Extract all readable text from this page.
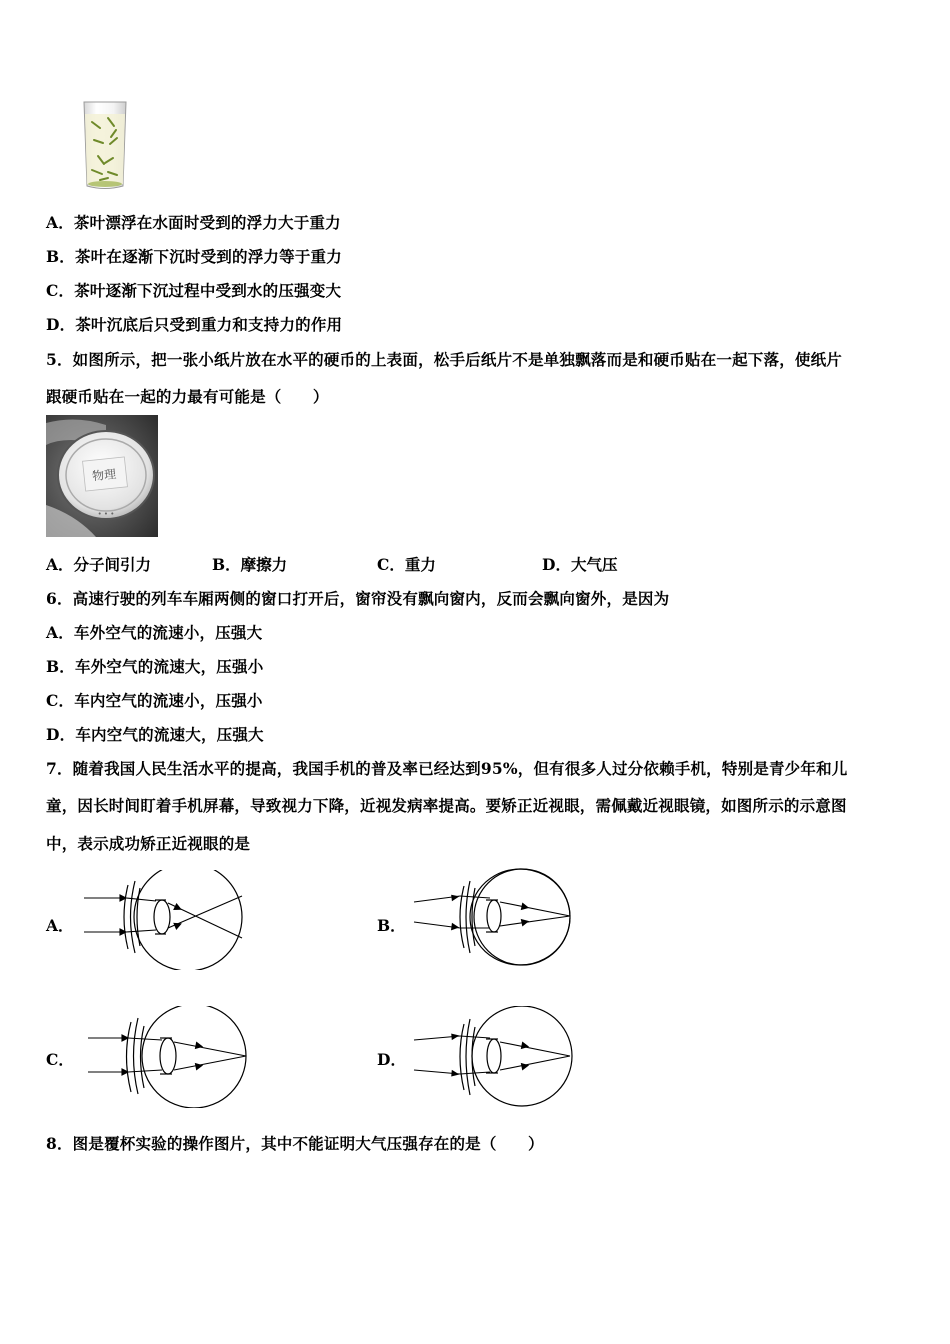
A．茶叶漂浮在水面时受到的浮力大于重力
B．茶叶在逐渐下沉时受到的浮力等于重力
C．茶叶逐渐下沉过程中受到水的压强变大
D．茶叶沉底后只受到重力和支持力的作用
5．如图所示，把一张小纸片放在水平的硬币的上表面，松手后纸片不是单独飘落而是和硬币贴在一起下落，使纸片
跟硬币贴在一起的力最有可能是（　　）
物理
• • •
A．分子间引力	B．摩擦力	C．重力	D．大气压
6．高速行驶的列车车厢两侧的窗口打开后，窗帘没有飘向窗内，反而会飘向窗外，是因为
A．车外空气的流速小，压强大
B．车外空气的流速大，压强小
C．车内空气的流速小，压强小
D．车内空气的流速大，压强大
7．随着我国人民生活水平的提高，我国手机的普及率已经达到95%，但有很多人过分依赖手机，特别是青少年和儿
童，因长时间盯着手机屏幕，导致视力下降，近视发病率提高。要矫正近视眼，需佩戴近视眼镜，如图所示的示意图
中，表示成功矫正近视眼的是
A．	B．
C．	D．
8．图是覆杯实验的操作图片，其中不能证明大气压强存在的是（　　）
